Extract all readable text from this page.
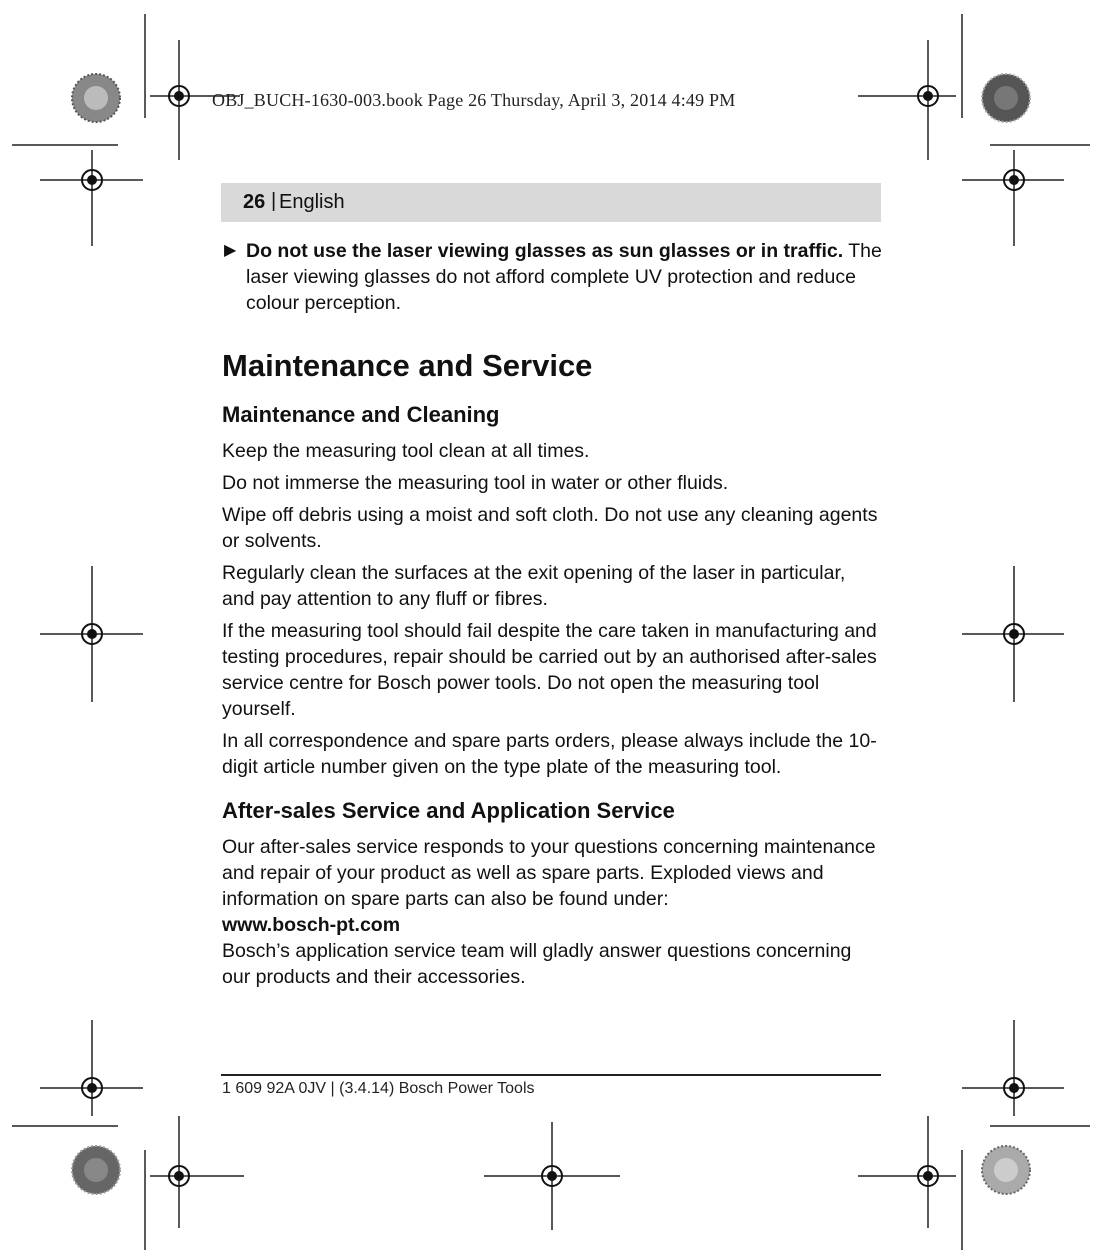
OBJ_BUCH-1630-003.book Page 26 Thursday, April 3, 2014 4:49 PM
26 | English
▶ Do not use the laser viewing glasses as sun glasses or in traffic. The laser viewing glasses do not afford complete UV protection and reduce colour perception.
Maintenance and Service
Maintenance and Cleaning

Keep the measuring tool clean at all times.

Do not immerse the measuring tool in water or other fluids.

Wipe off debris using a moist and soft cloth. Do not use any cleaning agents or solvents.

Regularly clean the surfaces at the exit opening of the laser in particular, and pay attention to any fluff or fibres.

If the measuring tool should fail despite the care taken in manufacturing and testing procedures, repair should be carried out by an authorised after-sales service centre for Bosch power tools. Do not open the measuring tool yourself.

In all correspondence and spare parts orders, please always include the 10-digit article number given on the type plate of the measuring tool.

After-sales Service and Application Service

Our after-sales service responds to your questions concerning maintenance and repair of your product as well as spare parts. Exploded views and information on spare parts can also be found under:

www.bosch-pt.com

Bosch’s application service team will gladly answer questions concerning our products and their accessories.

1 609 92A 0JV | (3.4.14) Bosch Power Tools
